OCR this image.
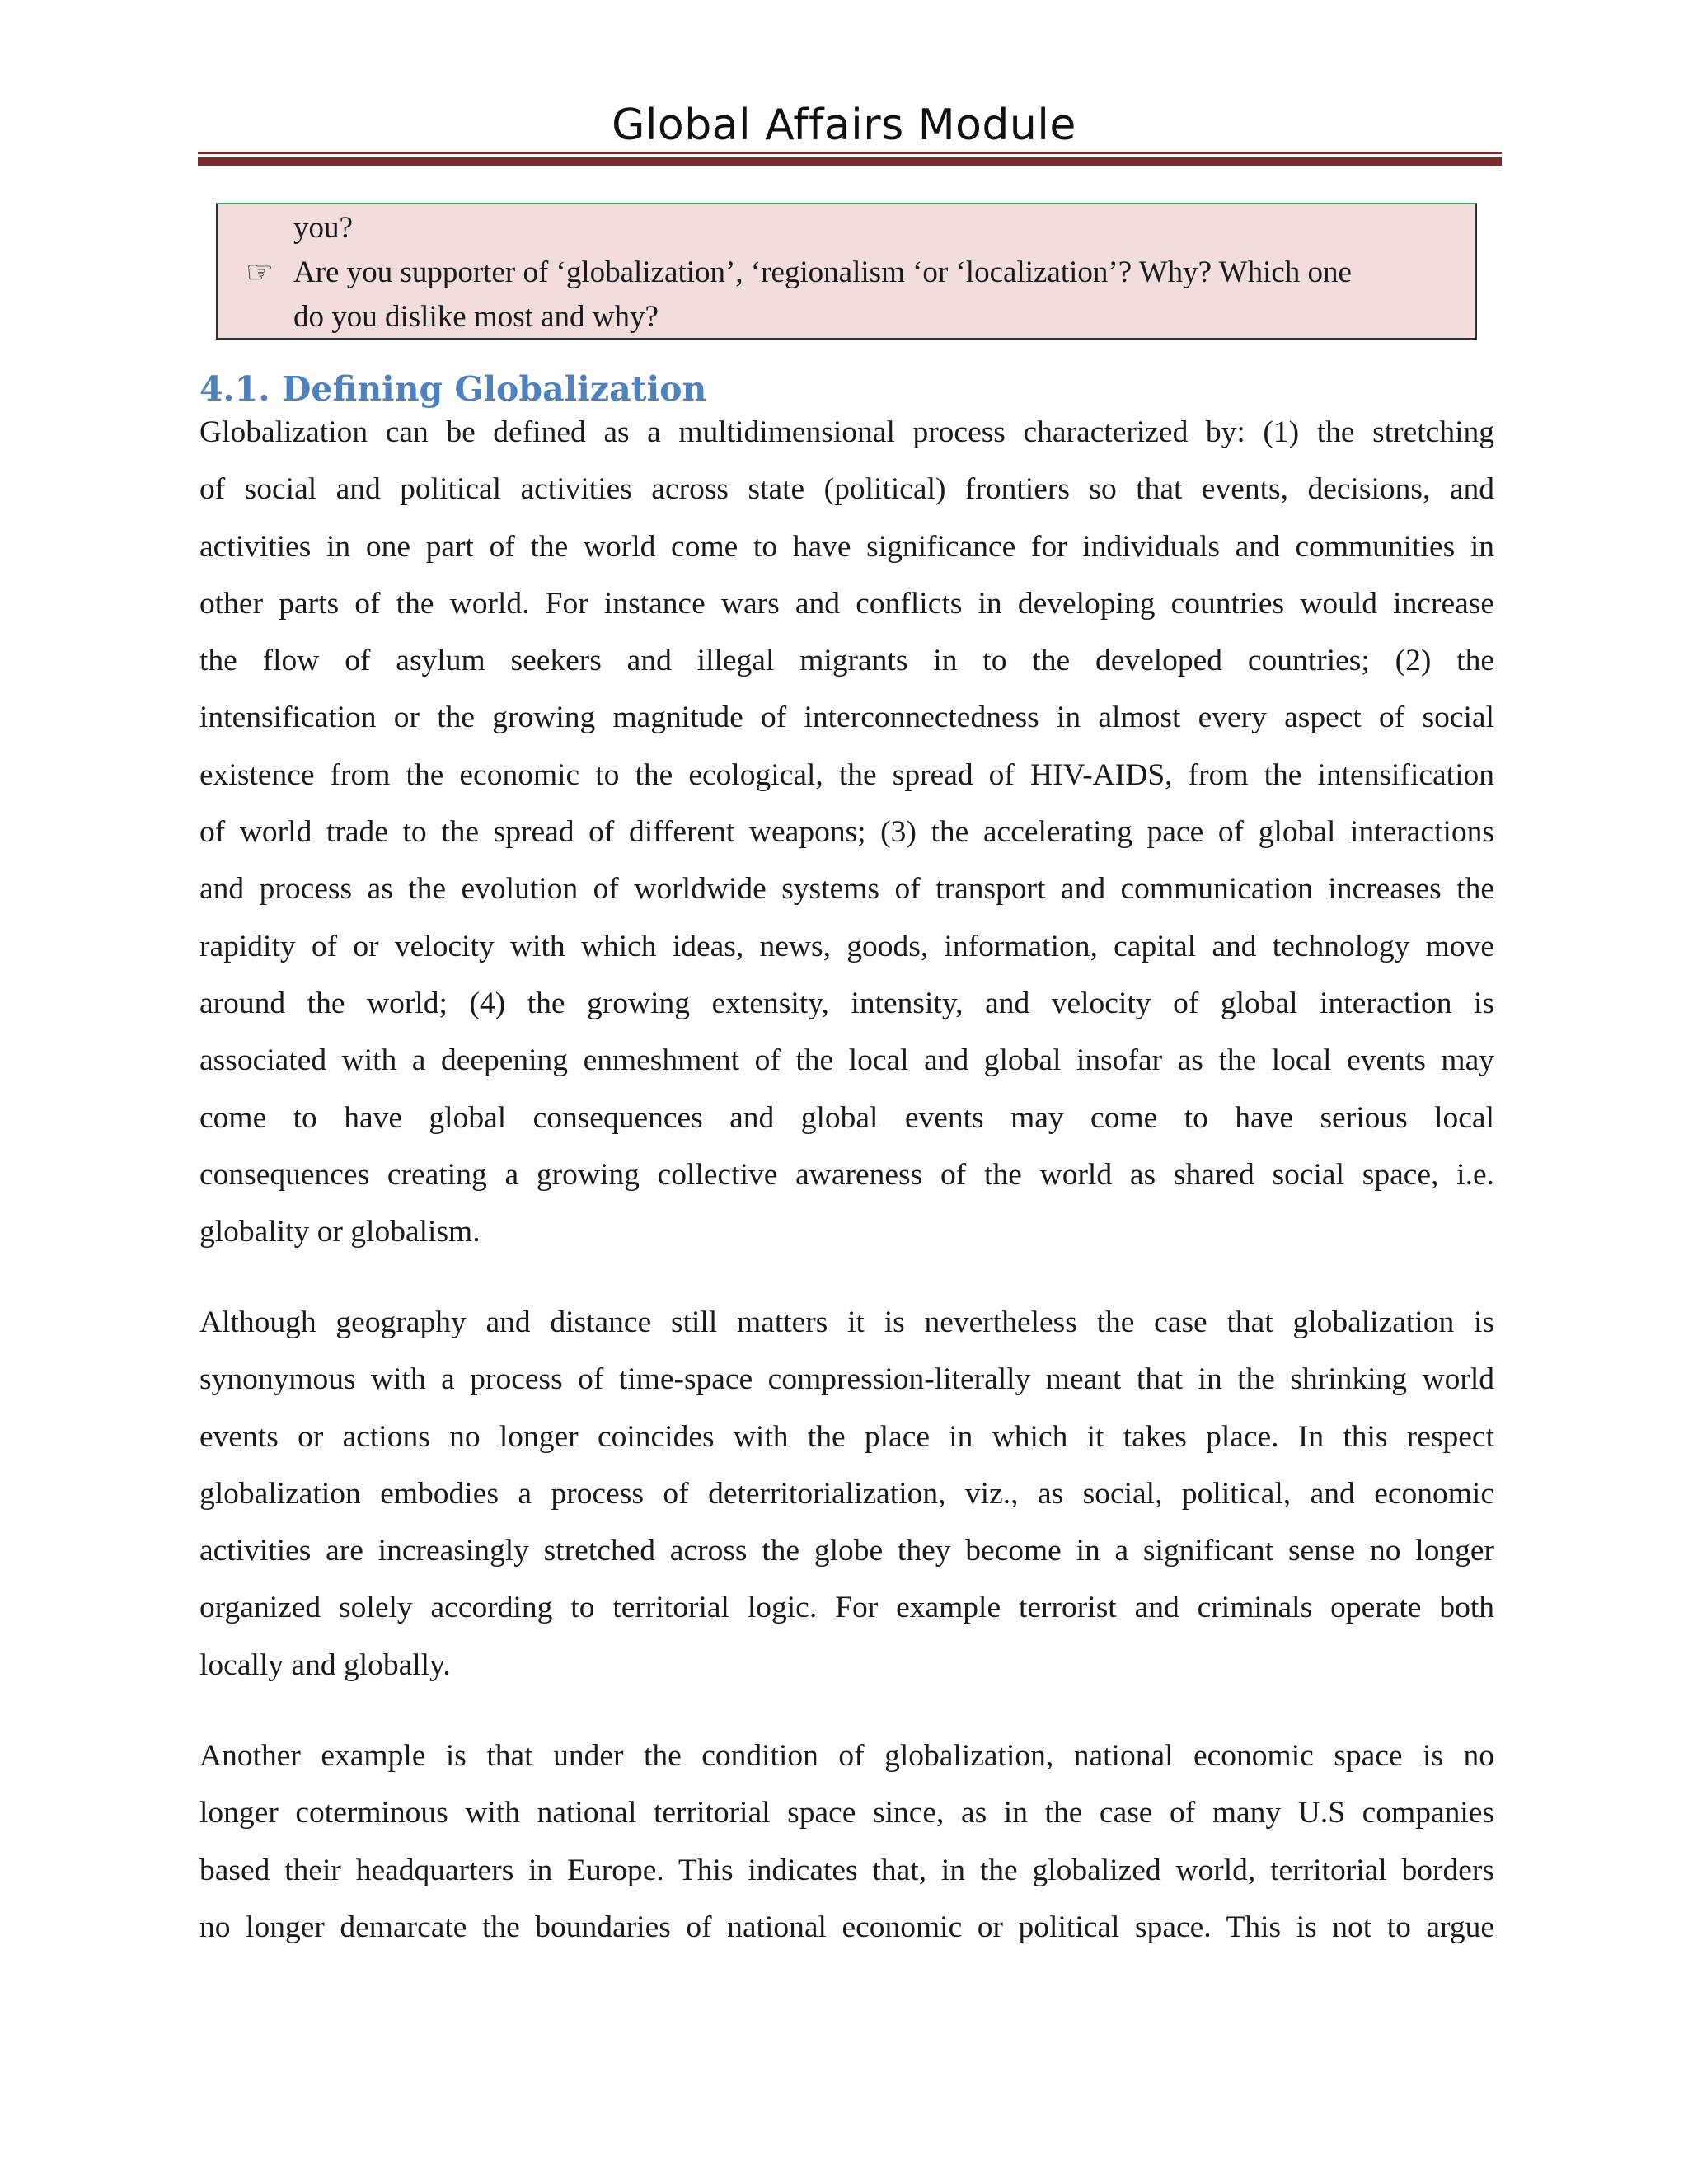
Global Affairs Module
you?
☞ Are you supporter of ‘globalization’, ‘regionalism ‘or ‘localization’? Why? Which one
do you dislike most and why?
4.1. Defining Globalization
Globalization can be defined as a multidimensional process characterized by: (1) the stretching
of social and political activities across state (political) frontiers so that events, decisions, and
activities in one part of the world come to have significance for individuals and communities in
other parts of the world. For instance wars and conflicts in developing countries would increase
the flow of asylum seekers and illegal migrants in to the developed countries; (2) the
intensification or the growing magnitude of interconnectedness in almost every aspect of social
existence from the economic to the ecological, the spread of HIV-AIDS, from the intensification
of world trade to the spread of different weapons; (3) the accelerating pace of global interactions
and process as the evolution of worldwide systems of transport and communication increases the
rapidity of or velocity with which ideas, news, goods, information, capital and technology move
around the world; (4) the growing extensity, intensity, and velocity of global interaction is
associated with a deepening enmeshment of the local and global insofar as the local events may
come to have global consequences and global events may come to have serious local
consequences creating a growing collective awareness of the world as shared social space, i.e.
globality or globalism.
Although geography and distance still matters it is nevertheless the case that globalization is
synonymous with a process of time-space compression-literally meant that in the shrinking world
events or actions no longer coincides with the place in which it takes place. In this respect
globalization embodies a process of deterritorialization, viz., as social, political, and economic
activities are increasingly stretched across the globe they become in a significant sense no longer
organized solely according to territorial logic. For example terrorist and criminals operate both
locally and globally.
Another example is that under the condition of globalization, national economic space is no
longer coterminous with national territorial space since, as in the case of many U.S companies
based their headquarters in Europe. This indicates that, in the globalized world, territorial borders
no longer demarcate the boundaries of national economic or political space. This is not to argue
